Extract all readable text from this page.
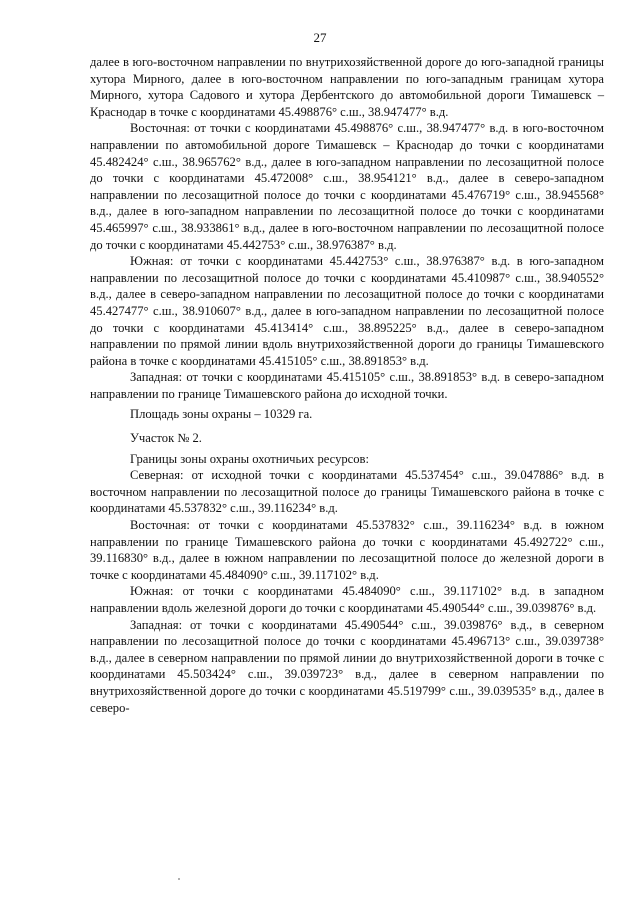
27

далее в юго-восточном направлении по внутрихозяйственной дороге до юго-западной границы хутора Мирного, далее в юго-восточном направлении по юго-западным границам хутора Мирного, хутора Садового и хутора Дербентского до автомобильной дороги Тимашевск – Краснодар в точке с координатами 45.498876° с.ш., 38.947477° в.д.

Восточная: от точки с координатами 45.498876° с.ш., 38.947477° в.д. в юго-восточном направлении по автомобильной дороге Тимашевск – Краснодар до точки с координатами 45.482424° с.ш., 38.965762° в.д., далее в юго-западном направлении по лесозащитной полосе до точки с координатами 45.472008° с.ш., 38.954121° в.д., далее в северо-западном направлении по лесозащитной полосе до точки с координатами 45.476719° с.ш., 38.945568° в.д., далее в юго-западном направлении по лесозащитной полосе до точки с координатами 45.465997° с.ш., 38.933861° в.д., далее в юго-восточном направлении по лесозащитной полосе до точки с координатами 45.442753° с.ш., 38.976387° в.д.

Южная: от точки с координатами 45.442753° с.ш., 38.976387° в.д. в юго-западном направлении по лесозащитной полосе до точки с координатами 45.410987° с.ш., 38.940552° в.д., далее в северо-западном направлении по лесозащитной полосе до точки с координатами 45.427477° с.ш., 38.910607° в.д., далее в юго-западном направлении по лесозащитной полосе до точки с координатами 45.413414° с.ш., 38.895225° в.д., далее в северо-западном направлении по прямой линии вдоль внутрихозяйственной дороги до границы Тимашевского района в точке с координатами 45.415105° с.ш., 38.891853° в.д.

Западная: от точки с координатами 45.415105° с.ш., 38.891853° в.д. в северо-западном направлении по границе Тимашевского района до исходной точки.

Площадь зоны охраны – 10329 га.

Участок № 2.

Границы зоны охраны охотничьих ресурсов:

Северная: от исходной точки с координатами 45.537454° с.ш., 39.047886° в.д. в восточном направлении по лесозащитной полосе до границы Тимашевского района в точке с координатами 45.537832° с.ш., 39.116234° в.д.

Восточная: от точки с координатами 45.537832° с.ш., 39.116234° в.д. в южном направлении по границе Тимашевского района до точки с координатами 45.492722° с.ш., 39.116830° в.д., далее в южном направлении по лесозащитной полосе до железной дороги в точке с координатами 45.484090° с.ш., 39.117102° в.д.

Южная: от точки с координатами 45.484090° с.ш., 39.117102° в.д. в западном направлении вдоль железной дороги до точки с координатами 45.490544° с.ш., 39.039876° в.д.

Западная: от точки с координатами 45.490544° с.ш., 39.039876° в.д., в северном направлении по лесозащитной полосе до точки с координатами 45.496713° с.ш., 39.039738° в.д., далее в северном направлении по прямой линии до внутрихозяйственной дороги в точке с координатами 45.503424° с.ш., 39.039723° в.д., далее в северном направлении по внутрихозяйственной дороге до точки с координатами 45.519799° с.ш., 39.039535° в.д., далее в северо-
